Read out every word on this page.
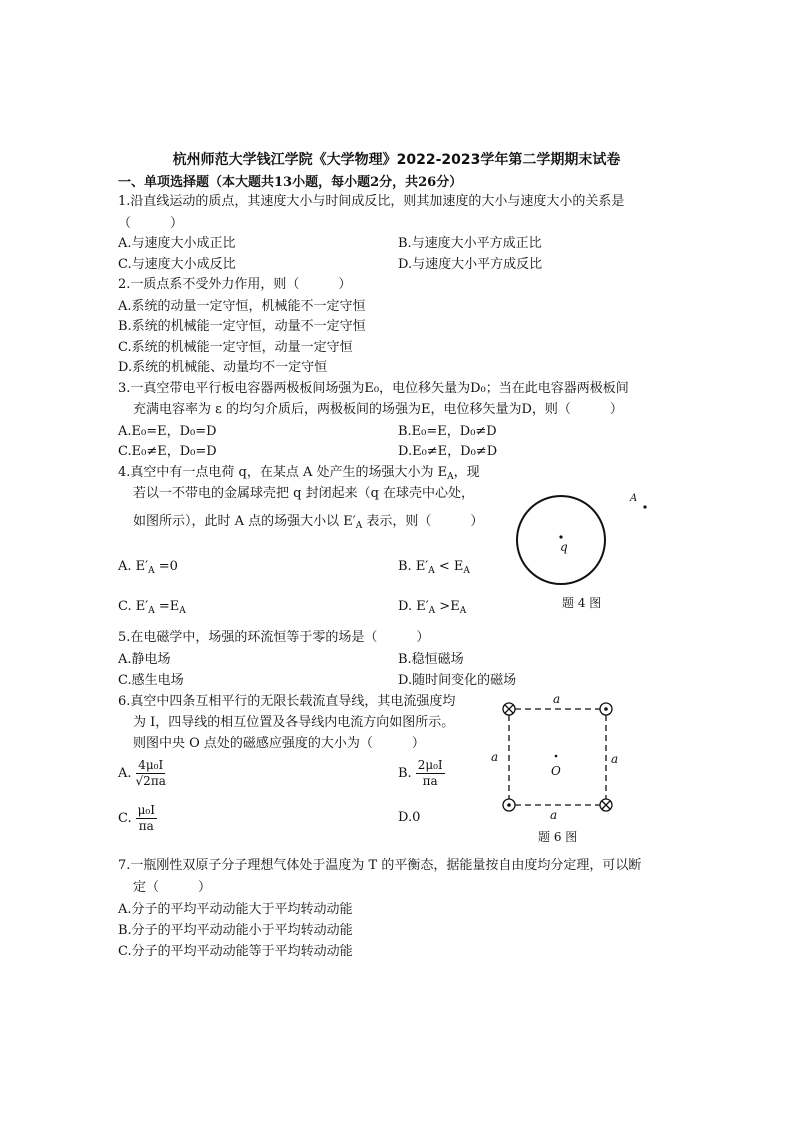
杭州师范大学钱江学院《大学物理》2022-2023学年第二学期期末试卷
一、单项选择题（本大题共13小题，每小题2分，共26分）
1.沿直线运动的质点，其速度大小与时间成反比，则其加速度的大小与速度大小的关系是
（　　　）
A.与速度大小成正比	B.与速度大小平方成正比
C.与速度大小成反比	D.与速度大小平方成反比
2.一质点系不受外力作用，则（　　　）
A.系统的动量一定守恒，机械能不一定守恒
B.系统的机械能一定守恒，动量不一定守恒
C.系统的机械能一定守恒，动量一定守恒
D.系统的机械能、动量均不一定守恒
3.一真空带电平行板电容器两极板间场强为E₀，电位移矢量为D₀；当在此电容器两极板间
充满电容率为 ε 的均匀介质后，两极板间的场强为E，电位移矢量为D，则（　　　）
A.E₀=E，D₀=D	B.E₀=E，D₀≠D
C.E₀≠E，D₀=D	D.E₀≠E，D₀≠D
4.真空中有一点电荷 q，在某点 A 处产生的场强大小为 $E_A$，现
若以一不带电的金属球壳把 q 封闭起来（q 在球壳中心处，
如图所示），此时 A 点的场强大小以 $E'_A$ 表示，则（　　　）
A. $E'_A =0$	B. $E'_A < E_A$
C. $E'_A =E_A$	D. $E'_A >E_A$
q
A
题 4 图
5.在电磁学中，场强的环流恒等于零的场是（　　　）
A.静电场	B.稳恒磁场
C.感生电场	D.随时间变化的磁场
6.真空中四条互相平行的无限长载流直导线，其电流强度均
为 I，四导线的相互位置及各导线内电流方向如图所示。
则图中央 O 点处的磁感应强度的大小为（　　　）
A. $\frac{\text{4μ₀I}}{√2\pi a}$	B. $\frac{\text{2μ₀I}}{\pi a}$
C. $\frac{\text{μ₀I}}{\pi a}$	D.0
a
a	a
a
O
题 6 图
7.一瓶刚性双原子分子理想气体处于温度为 T 的平衡态，据能量按自由度均分定理，可以断
定（　　　）
A.分子的平均平动动能大于平均转动动能
B.分子的平均平动动能小于平均转动动能
C.分子的平均平动动能等于平均转动动能
